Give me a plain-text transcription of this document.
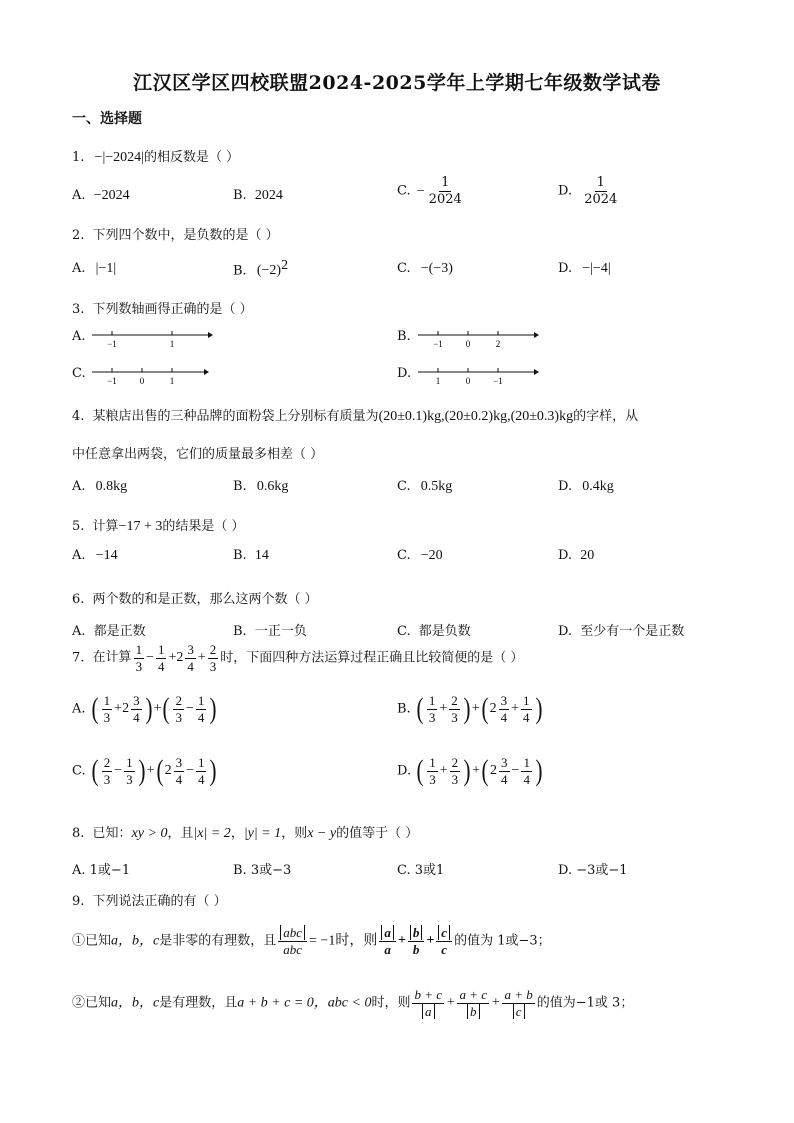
江汉区学区四校联盟2024-2025学年上学期七年级数学试卷
一、选择题
1. −|−2024|的相反数是（ ）
A. −2024	B. 2024	C. − $\frac{1}{2024}$	D. $\frac{1}{2024}$
2. 下列四个数中，是负数的是（ ）
A. |−1|	B. $(-2)^2$	C. −(−3)	D. −|−4|
3. 下列数轴画得正确的是（ ）
A. −1	1	B.	−1	0	2
C. −1	0	1	D.	1	0	−1
4. 某粮店出售的三种品牌的面粉袋上分别标有质量为(20±0.1)kg,(20±0.2)kg,(20±0.3)kg的字样，从
中任意拿出两袋，它们的质量最多相差（ ）
A. 0.8kg	B. 0.6kg	C. 0.5kg	D. 0.4kg
5. 计算−17 + 3的结果是（ ）
A. −14	B. 14	C. −20	D. 20
6. 两个数的和是正数，那么这两个数（ ）
A. 都是正数	B. 一正一负	C. 都是负数	D. 至少有一个是正数
7. 在计算 $\frac{1}{3} - \frac{1}{4} +2 \frac{3}{4} + \frac{2}{3}$ 时，下面四种方法运算过程正确且比较简便的是（ ）
A. ( $\frac{1}{3} +2 \frac{3}{4}$ ) +( $\frac{2}{3} - \frac{1}{4}$ )	B. ( $\frac{1}{3} + \frac{2}{3}$ ) +( $2 \frac{3}{4} + \frac{1}{4}$ )
C. ( $\frac{2}{3} - \frac{1}{3}$ ) +( $2 \frac{3}{4} - \frac{1}{4}$ )	D. ( $\frac{1}{3} + \frac{2}{3}$ ) +( $2 \frac{3}{4} - \frac{1}{4}$ )
8. 已知：xy > 0，且|x| = 2，|y| = 1，则x − y的值等于（ ）
A. 1或−1	B. 3或−3	C. 3或1	D. −3或−1
9. 下列说法正确的有（ ）
①已知a，b，c是非零的有理数，且 $\frac{\text{abc}}{\text{abc}} = -1$时，则 $\frac{a}{a} + \frac{b}{b} + \frac{c}{c}$ 的值为 1或−3；
②已知a，b，c是有理数，且a + b + c = 0，abc < 0时，则 $\frac{b + c}{a} + \frac{a + c}{b} + \frac{a + b}{c}$ 的值为−1或 3；
